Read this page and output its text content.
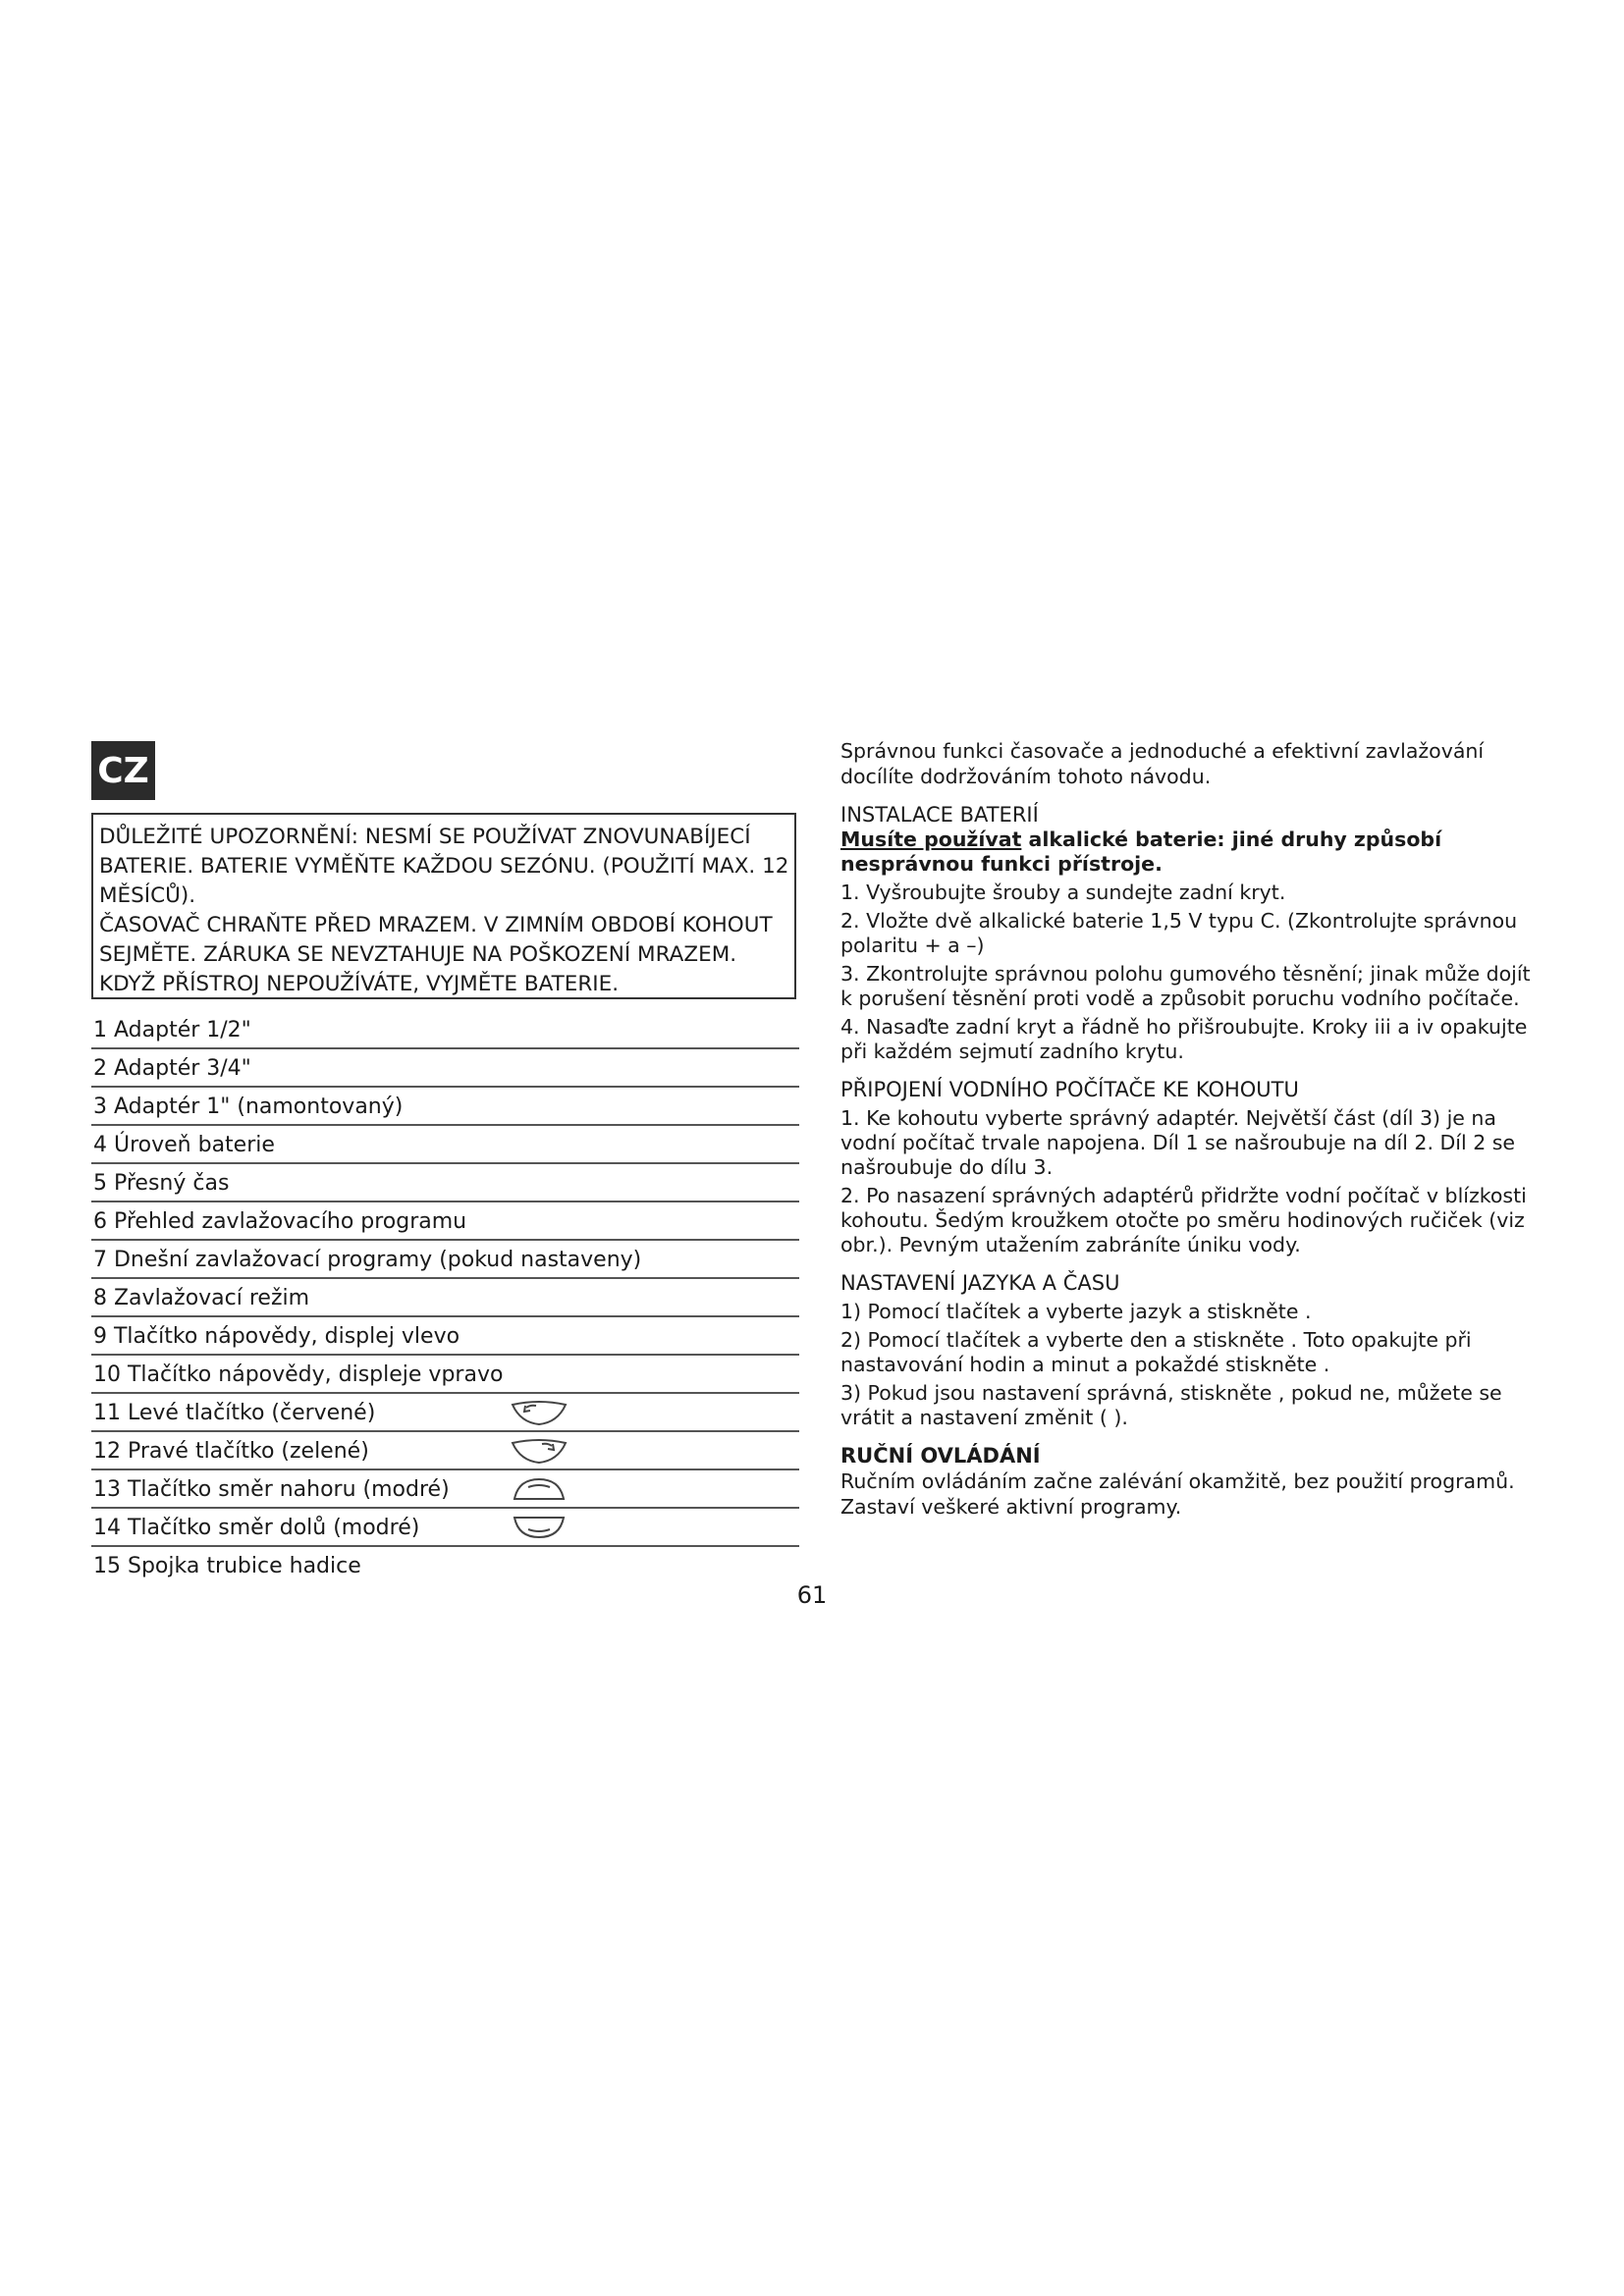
CZ

DŮLEŽITÉ UPOZORNĚNÍ: NESMÍ SE POUŽÍVAT ZNOVUNABÍJECÍ

BATERIE. BATERIE VYMĚŇTE KAŽDOU SEZÓNU. (POUŽITÍ MAX. 12

MĚSÍCŮ).

ČASOVAČ CHRAŇTE PŘED MRAZEM. V ZIMNÍM OBDOBÍ KOHOUT

SEJMĚTE. ZÁRUKA SE NEVZTAHUJE NA POŠKOZENÍ MRAZEM.

KDYŽ PŘÍSTROJ NEPOUŽÍVÁTE, VYJMĚTE BATERIE.

1 Adaptér 1/2"
2 Adaptér 3/4"
3 Adaptér 1" (namontovaný)
4 Úroveň baterie
5 Přesný čas
6 Přehled zavlažovacího programu
7 Dnešní zavlažovací programy (pokud nastaveny)
8 Zavlažovací režim
9 Tlačítko nápovědy, displej vlevo
10 Tlačítko nápovědy, displeje vpravo
11 Levé tlačítko (červené)
12 Pravé tlačítko (zelené)
13 Tlačítko směr nahoru (modré)
14 Tlačítko směr dolů (modré)
15 Spojka trubice hadice

Správnou funkci časovače a jednoduché a efektivní zavlažování docílíte dodržováním tohoto návodu.

INSTALACE BATERIÍ

Musíte používat alkalické baterie: jiné druhy způsobí nesprávnou funkci přístroje.

1. Vyšroubujte šrouby a sundejte zadní kryt.

2. Vložte dvě alkalické baterie 1,5 V typu C. (Zkontrolujte správnou polaritu + a –)

3. Zkontrolujte správnou polohu gumového těsnění; jinak může dojít k porušení těsnění proti vodě a způsobit poruchu vodního počítače.

4. Nasaďte zadní kryt a řádně ho přišroubujte. Kroky iii a iv opakujte při každém sejmutí zadního krytu.

PŘIPOJENÍ VODNÍHO POČÍTAČE KE KOHOUTU

1. Ke kohoutu vyberte správný adaptér. Největší část (díl 3) je na vodní počítač trvale napojena. Díl 1 se našroubuje na díl 2. Díl 2 se našroubuje do dílu 3.

2. Po nasazení správných adaptérů přidržte vodní počítač v blízkosti kohoutu. Šedým kroužkem otočte po směru hodinových ručiček (viz obr.). Pevným utažením zabráníte úniku vody.

NASTAVENÍ JAZYKA A ČASU

1) Pomocí tlačítek a vyberte jazyk a stiskněte .

2) Pomocí tlačítek a vyberte den a stiskněte . Toto opakujte při nastavování hodin a minut a pokaždé stiskněte .

3) Pokud jsou nastavení správná, stiskněte , pokud ne, můžete se vrátit a nastavení změnit ( ).

RUČNÍ OVLÁDÁNÍ

Ručním ovládáním začne zalévání okamžitě, bez použití programů. Zastaví veškeré aktivní programy.

61
